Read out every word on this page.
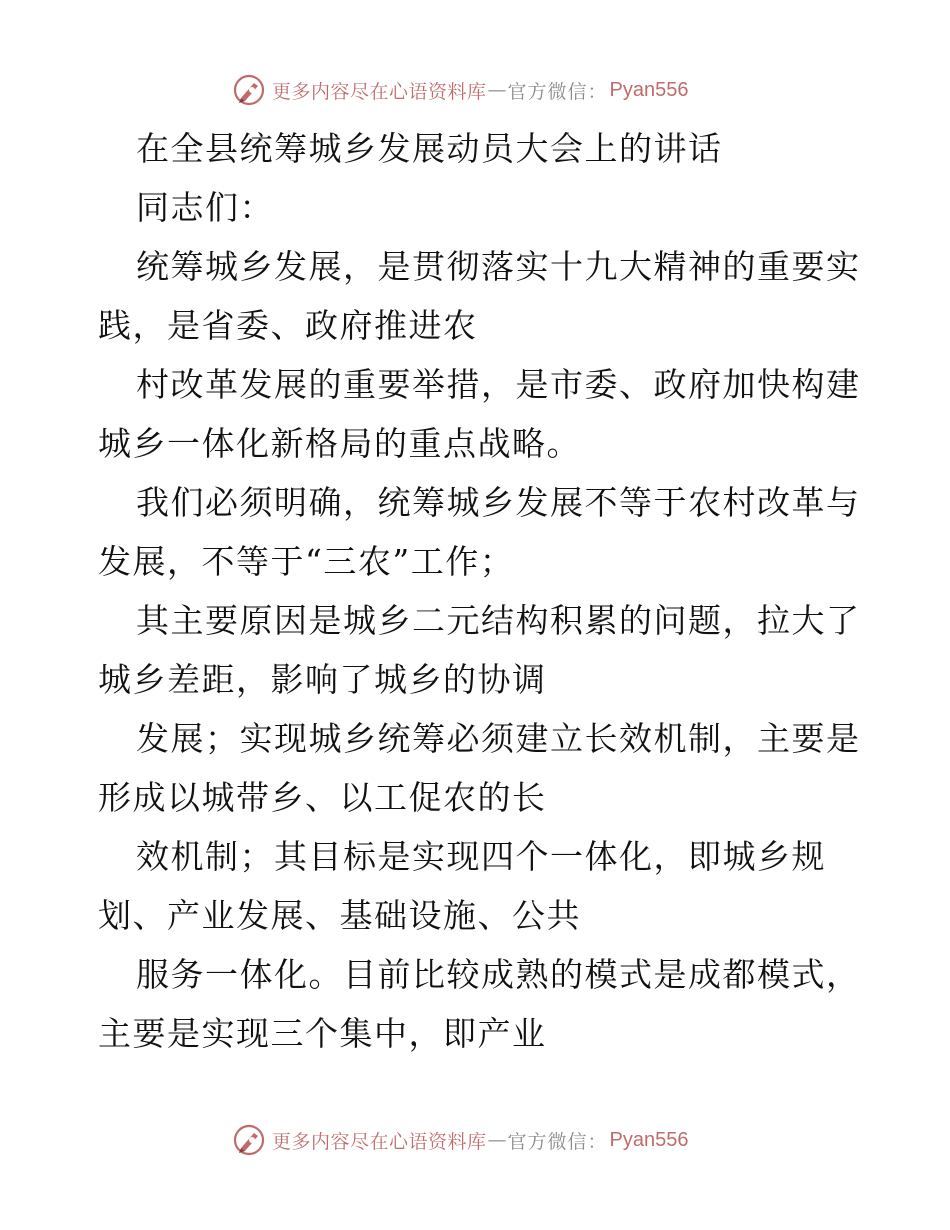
更多内容尽在心语资料库 — 官方微信： Pyan556
在全县统筹城乡发展动员大会上的讲话
同志们：
统筹城乡发展，是贯彻落实十九大精神的重要实
践，是省委、政府推进农
村改革发展的重要举措，是市委、政府加快构建
城乡一体化新格局的重点战略。
我们必须明确，统筹城乡发展不等于农村改革与
发展，不等于“三农”工作；
其主要原因是城乡二元结构积累的问题，拉大了
城乡差距，影响了城乡的协调
发展；实现城乡统筹必须建立长效机制，主要是
形成以城带乡、以工促农的长
效机制；其目标是实现四个一体化，即城乡规
划、产业发展、基础设施、公共
服务一体化。目前比较成熟的模式是成都模式，
主要是实现三个集中，即产业
更多内容尽在心语资料库 — 官方微信： Pyan556
